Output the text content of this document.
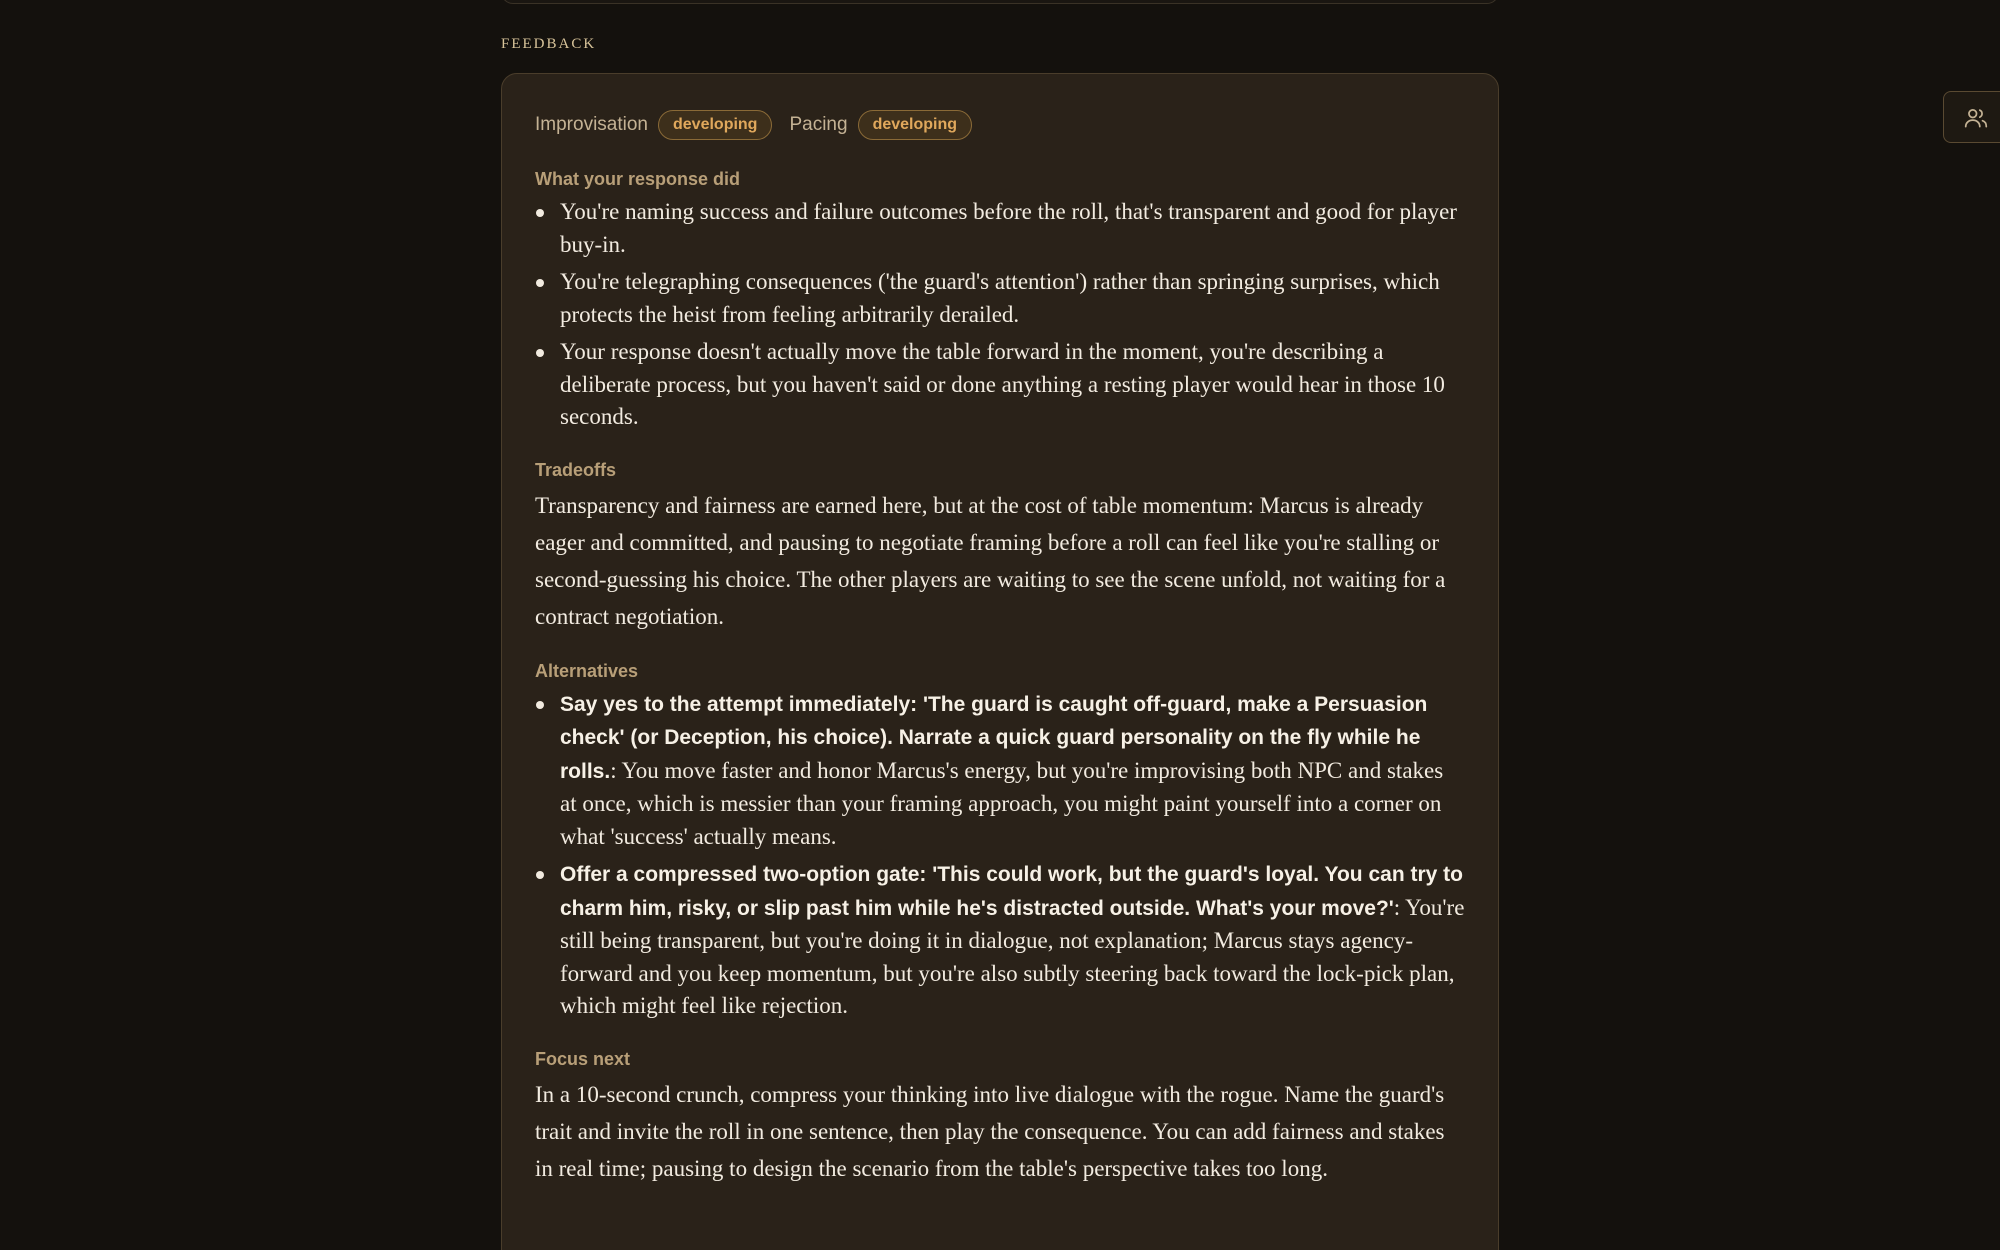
FEEDBACK
Improvisation	developing	Pacing	developing
What your response did
You're naming success and failure outcomes before the roll, that's transparent and good for player buy-in.
You're telegraphing consequences ('the guard's attention') rather than springing surprises, which protects the heist from feeling arbitrarily derailed.
Your response doesn't actually move the table forward in the moment, you're describing a deliberate process, but you haven't said or done anything a resting player would hear in those 10 seconds.
Tradeoffs

Transparency and fairness are earned here, but at the cost of table momentum: Marcus is already eager and committed, and pausing to negotiate framing before a roll can feel like you're stalling or second-guessing his choice. The other players are waiting to see the scene unfold, not waiting for a contract negotiation.

Alternatives
Say yes to the attempt immediately: 'The guard is caught off-guard, make a Persuasion check' (or Deception, his choice). Narrate a quick guard personality on the fly while he rolls.: You move faster and honor Marcus's energy, but you're improvising both NPC and stakes at once, which is messier than your framing approach, you might paint yourself into a corner on what 'success' actually means.
Offer a compressed two-option gate: 'This could work, but the guard's loyal. You can try to charm him, risky, or slip past him while he's distracted outside. What's your move?': You're still being transparent, but you're doing it in dialogue, not explanation; Marcus stays agency-forward and you keep momentum, but you're also subtly steering back toward the lock-pick plan, which might feel like rejection.
Focus next

In a 10-second crunch, compress your thinking into live dialogue with the rogue. Name the guard's trait and invite the roll in one sentence, then play the consequence. You can add fairness and stakes in real time; pausing to design the scenario from the table's perspective takes too long.
